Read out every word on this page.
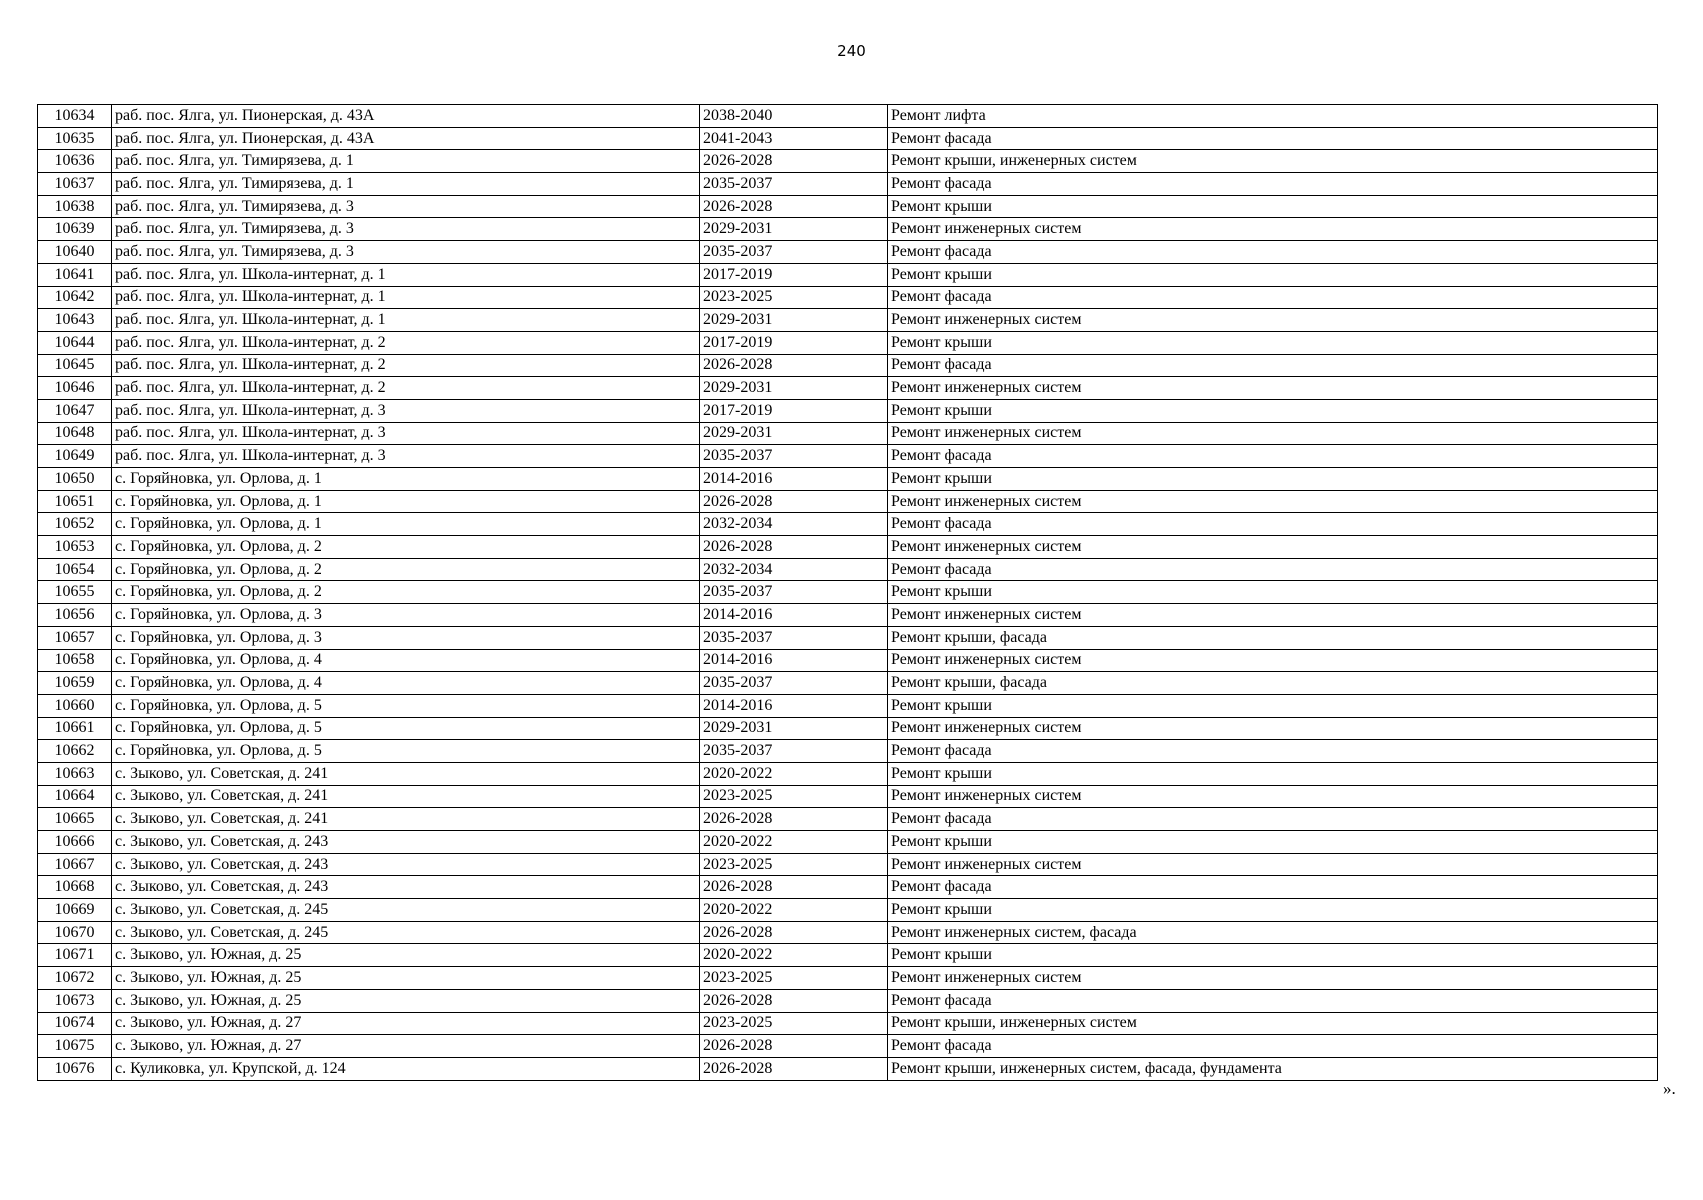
240
10634	раб. пос. Ялга, ул. Пионерская, д. 43А	2038-2040	Ремонт лифта
10635	раб. пос. Ялга, ул. Пионерская, д. 43А	2041-2043	Ремонт фасада
10636	раб. пос. Ялга, ул. Тимирязева, д. 1	2026-2028	Ремонт крыши, инженерных систем
10637	раб. пос. Ялга, ул. Тимирязева, д. 1	2035-2037	Ремонт фасада
10638	раб. пос. Ялга, ул. Тимирязева, д. 3	2026-2028	Ремонт крыши
10639	раб. пос. Ялга, ул. Тимирязева, д. 3	2029-2031	Ремонт инженерных систем
10640	раб. пос. Ялга, ул. Тимирязева, д. 3	2035-2037	Ремонт фасада
10641	раб. пос. Ялга, ул. Школа-интернат, д. 1	2017-2019	Ремонт крыши
10642	раб. пос. Ялга, ул. Школа-интернат, д. 1	2023-2025	Ремонт фасада
10643	раб. пос. Ялга, ул. Школа-интернат, д. 1	2029-2031	Ремонт инженерных систем
10644	раб. пос. Ялга, ул. Школа-интернат, д. 2	2017-2019	Ремонт крыши
10645	раб. пос. Ялга, ул. Школа-интернат, д. 2	2026-2028	Ремонт фасада
10646	раб. пос. Ялга, ул. Школа-интернат, д. 2	2029-2031	Ремонт инженерных систем
10647	раб. пос. Ялга, ул. Школа-интернат, д. 3	2017-2019	Ремонт крыши
10648	раб. пос. Ялга, ул. Школа-интернат, д. 3	2029-2031	Ремонт инженерных систем
10649	раб. пос. Ялга, ул. Школа-интернат, д. 3	2035-2037	Ремонт фасада
10650	с. Горяйновка, ул. Орлова, д. 1	2014-2016	Ремонт крыши
10651	с. Горяйновка, ул. Орлова, д. 1	2026-2028	Ремонт инженерных систем
10652	с. Горяйновка, ул. Орлова, д. 1	2032-2034	Ремонт фасада
10653	с. Горяйновка, ул. Орлова, д. 2	2026-2028	Ремонт инженерных систем
10654	с. Горяйновка, ул. Орлова, д. 2	2032-2034	Ремонт фасада
10655	с. Горяйновка, ул. Орлова, д. 2	2035-2037	Ремонт крыши
10656	с. Горяйновка, ул. Орлова, д. 3	2014-2016	Ремонт инженерных систем
10657	с. Горяйновка, ул. Орлова, д. 3	2035-2037	Ремонт крыши, фасада
10658	с. Горяйновка, ул. Орлова, д. 4	2014-2016	Ремонт инженерных систем
10659	с. Горяйновка, ул. Орлова, д. 4	2035-2037	Ремонт крыши, фасада
10660	с. Горяйновка, ул. Орлова, д. 5	2014-2016	Ремонт крыши
10661	с. Горяйновка, ул. Орлова, д. 5	2029-2031	Ремонт инженерных систем
10662	с. Горяйновка, ул. Орлова, д. 5	2035-2037	Ремонт фасада
10663	с. Зыково, ул. Советская, д. 241	2020-2022	Ремонт крыши
10664	с. Зыково, ул. Советская, д. 241	2023-2025	Ремонт инженерных систем
10665	с. Зыково, ул. Советская, д. 241	2026-2028	Ремонт фасада
10666	с. Зыково, ул. Советская, д. 243	2020-2022	Ремонт крыши
10667	с. Зыково, ул. Советская, д. 243	2023-2025	Ремонт инженерных систем
10668	с. Зыково, ул. Советская, д. 243	2026-2028	Ремонт фасада
10669	с. Зыково, ул. Советская, д. 245	2020-2022	Ремонт крыши
10670	с. Зыково, ул. Советская, д. 245	2026-2028	Ремонт инженерных систем, фасада
10671	с. Зыково, ул. Южная, д. 25	2020-2022	Ремонт крыши
10672	с. Зыково, ул. Южная, д. 25	2023-2025	Ремонт инженерных систем
10673	с. Зыково, ул. Южная, д. 25	2026-2028	Ремонт фасада
10674	с. Зыково, ул. Южная, д. 27	2023-2025	Ремонт крыши, инженерных систем
10675	с. Зыково, ул. Южная, д. 27	2026-2028	Ремонт фасада
10676	с. Куликовка, ул. Крупской, д. 124	2026-2028	Ремонт крыши, инженерных систем, фасада, фундамента
».
